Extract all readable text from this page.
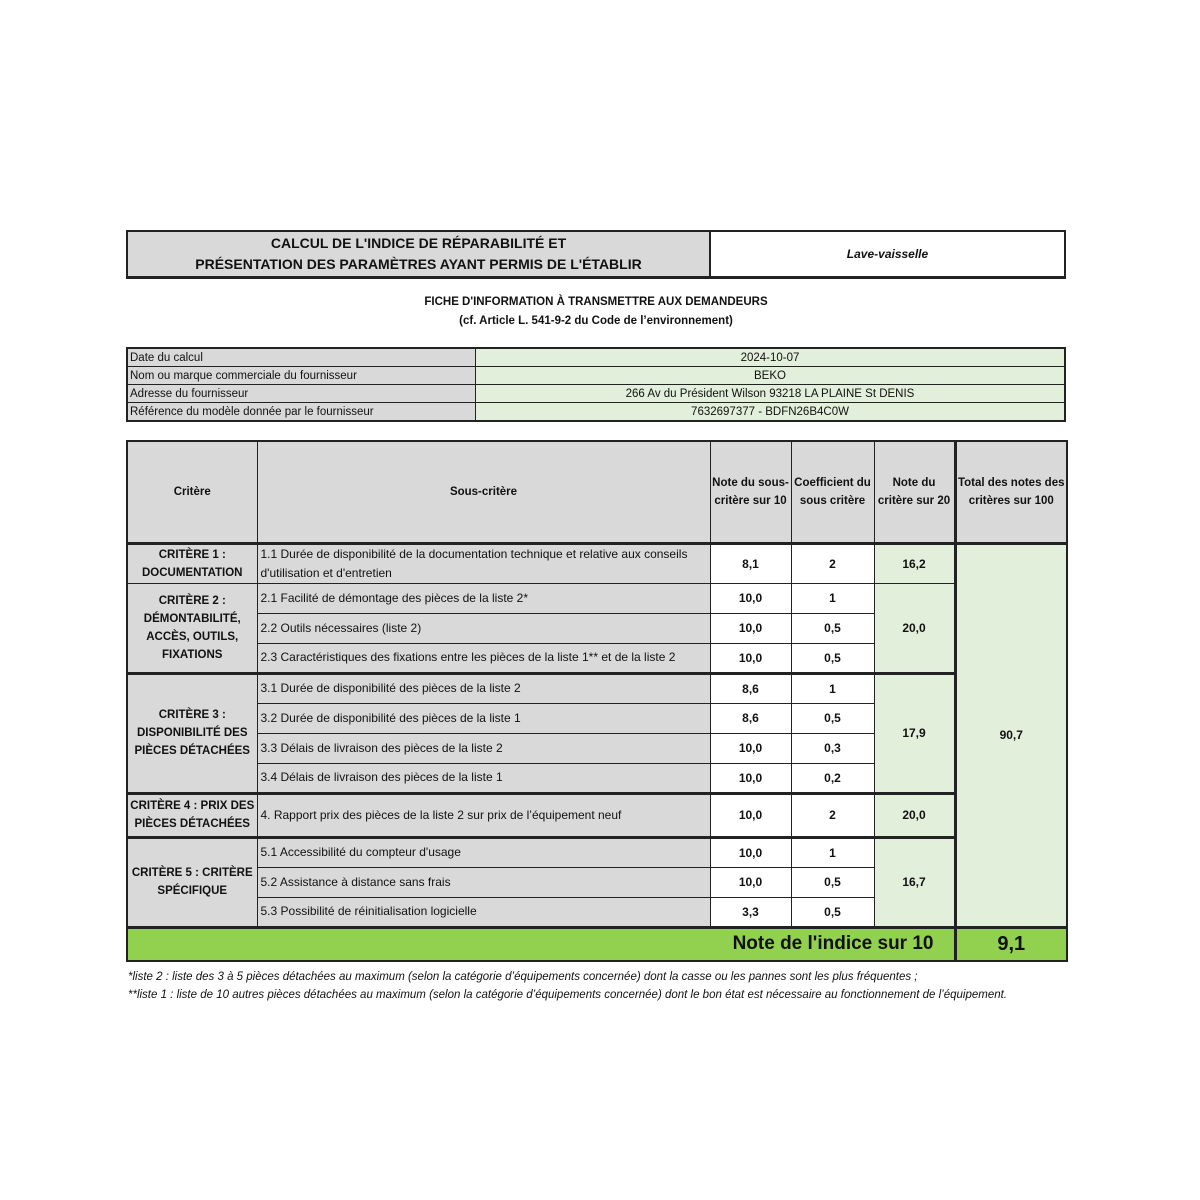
CALCUL DE L'INDICE DE RÉPARABILITÉ ET
PRÉSENTATION DES PARAMÈTRES AYANT PERMIS DE L'ÉTABLIR
Lave-vaisselle
FICHE D'INFORMATION À TRANSMETTRE AUX DEMANDEURS
(cf. Article L. 541-9-2 du Code de l’environnement)
Date du calcul	2024-10-07
Nom ou marque commerciale du fournisseur	BEKO
Adresse du fournisseur	266 Av du Président Wilson 93218 LA PLAINE St DENIS
Référence du modèle donnée par le fournisseur	7632697377 - BDFN26B4C0W
Critère	Sous-critère	Note du sous-critère sur 10	Coefficient du sous critère	Note du critère sur 20	Total des notes des critères sur 100
CRITÈRE 1 : DOCUMENTATION	1.1 Durée de disponibilité de la documentation technique et relative aux conseils d'utilisation et d'entretien	8,1	2	16,2	90,7
CRITÈRE 2 : DÉMONTABILITÉ, ACCÈS, OUTILS, FIXATIONS	2.1 Facilité de démontage des pièces de la liste 2*	10,0	1	20,0	
	2.2 Outils nécessaires (liste 2)	10,0	0,5		
	2.3 Caractéristiques des fixations entre les pièces de la liste 1** et de la liste 2	10,0	0,5		
CRITÈRE 3 : DISPONIBILITÉ DES PIÈCES DÉTACHÉES	3.1 Durée de disponibilité des pièces de la liste 2	8,6	1	17,9	
	3.2 Durée de disponibilité des pièces de la liste 1	8,6	0,5		
	3.3 Délais de livraison des pièces de la liste 2	10,0	0,3		
	3.4 Délais de livraison des pièces de la liste 1	10,0	0,2		
CRITÈRE 4 : PRIX DES PIÈCES DÉTACHÉES	4. Rapport prix des pièces de la liste 2 sur prix de l’équipement neuf	10,0	2	20,0	
CRITÈRE 5 : CRITÈRE SPÉCIFIQUE	5.1 Accessibilité du compteur d'usage	10,0	1	16,7	
	5.2 Assistance à distance sans frais	10,0	0,5		
	5.3 Possibilité de réinitialisation logicielle	3,3	0,5		
Note de l'indice sur 10					9,1
*liste 2 : liste des 3 à 5 pièces détachées au maximum (selon la catégorie d’équipements concernée) dont la casse ou les pannes sont les plus fréquentes ;
**liste 1 : liste de 10 autres pièces détachées au maximum (selon la catégorie d’équipements concernée) dont le bon état est nécessaire au fonctionnement de l’équipement.
